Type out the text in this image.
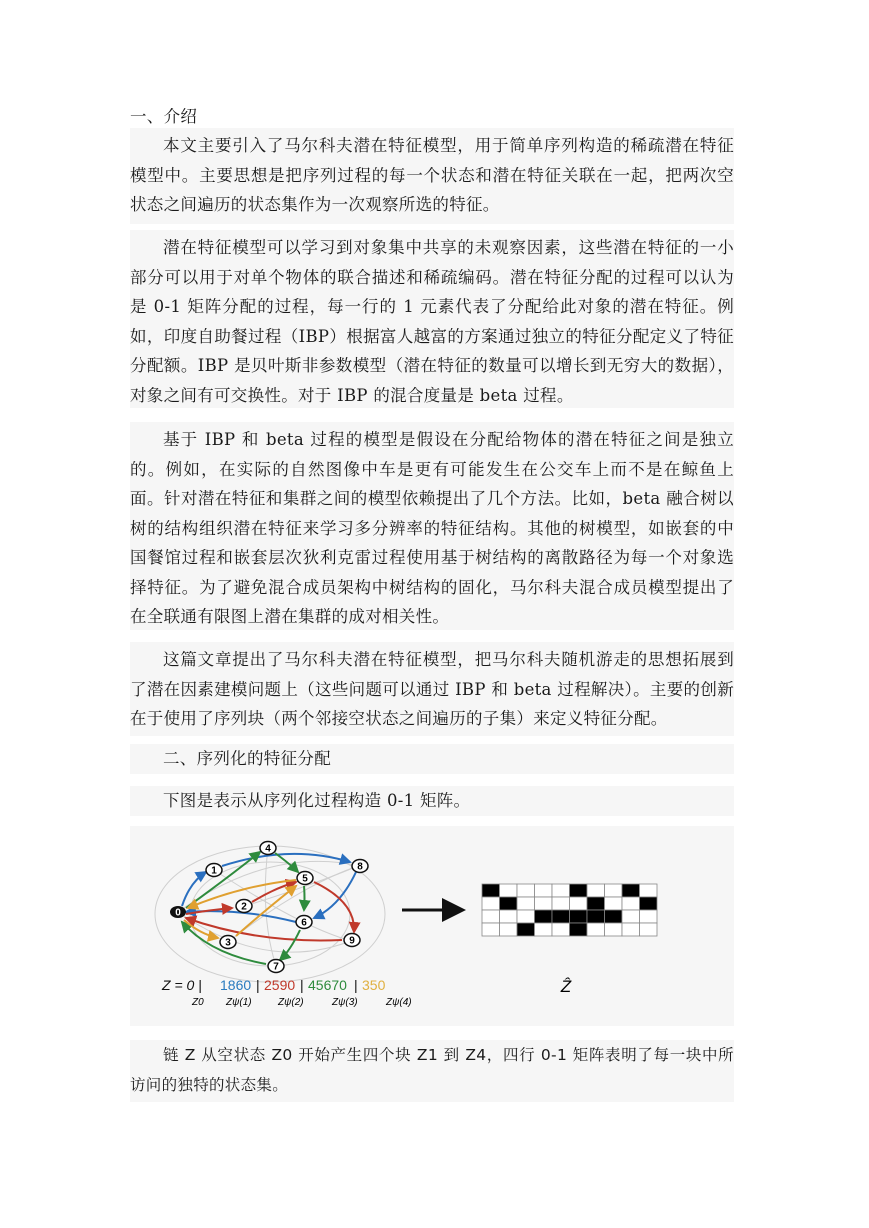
一、介绍
本文主要引入了马尔科夫潜在特征模型，用于简单序列构造的稀疏潜在特征模型中。主要思想是把序列过程的每一个状态和潜在特征关联在一起，把两次空状态之间遍历的状态集作为一次观察所选的特征。
潜在特征模型可以学习到对象集中共享的未观察因素，这些潜在特征的一小部分可以用于对单个物体的联合描述和稀疏编码。潜在特征分配的过程可以认为是 0-1 矩阵分配的过程，每一行的 1 元素代表了分配给此对象的潜在特征。例如，印度自助餐过程（IBP）根据富人越富的方案通过独立的特征分配定义了特征分配额。IBP 是贝叶斯非参数模型（潜在特征的数量可以增长到无穷大的数据），对象之间有可交换性。对于 IBP 的混合度量是 beta 过程。
基于 IBP 和 beta 过程的模型是假设在分配给物体的潜在特征之间是独立的。例如，在实际的自然图像中车是更有可能发生在公交车上而不是在鲸鱼上面。针对潜在特征和集群之间的模型依赖提出了几个方法。比如，beta 融合树以树的结构组织潜在特征来学习多分辨率的特征结构。其他的树模型，如嵌套的中国餐馆过程和嵌套层次狄利克雷过程使用基于树结构的离散路径为每一个对象选择特征。为了避免混合成员架构中树结构的固化，马尔科夫混合成员模型提出了在全联通有限图上潜在集群的成对相关性。
这篇文章提出了马尔科夫潜在特征模型，把马尔科夫随机游走的思想拓展到了潜在因素建模问题上（这些问题可以通过 IBP 和 beta 过程解决）。主要的创新在于使用了序列块（两个邻接空状态之间遍历的子集）来定义特征分配。
二、序列化的特征分配
下图是表示从序列化过程构造 0-1 矩阵。
0
1
2
3
4
5
6
7
8
9
Ẑ
Z = 0 | 1860 | 2590 | 45670 | 350
Z0 Zψ(1)	Zψ(2)	Zψ(3)	Zψ(4)
链 Z 从空状态 Z0 开始产生四个块 Z1 到 Z4，四行 0-1 矩阵表明了每一块中所访问的独特的状态集。
